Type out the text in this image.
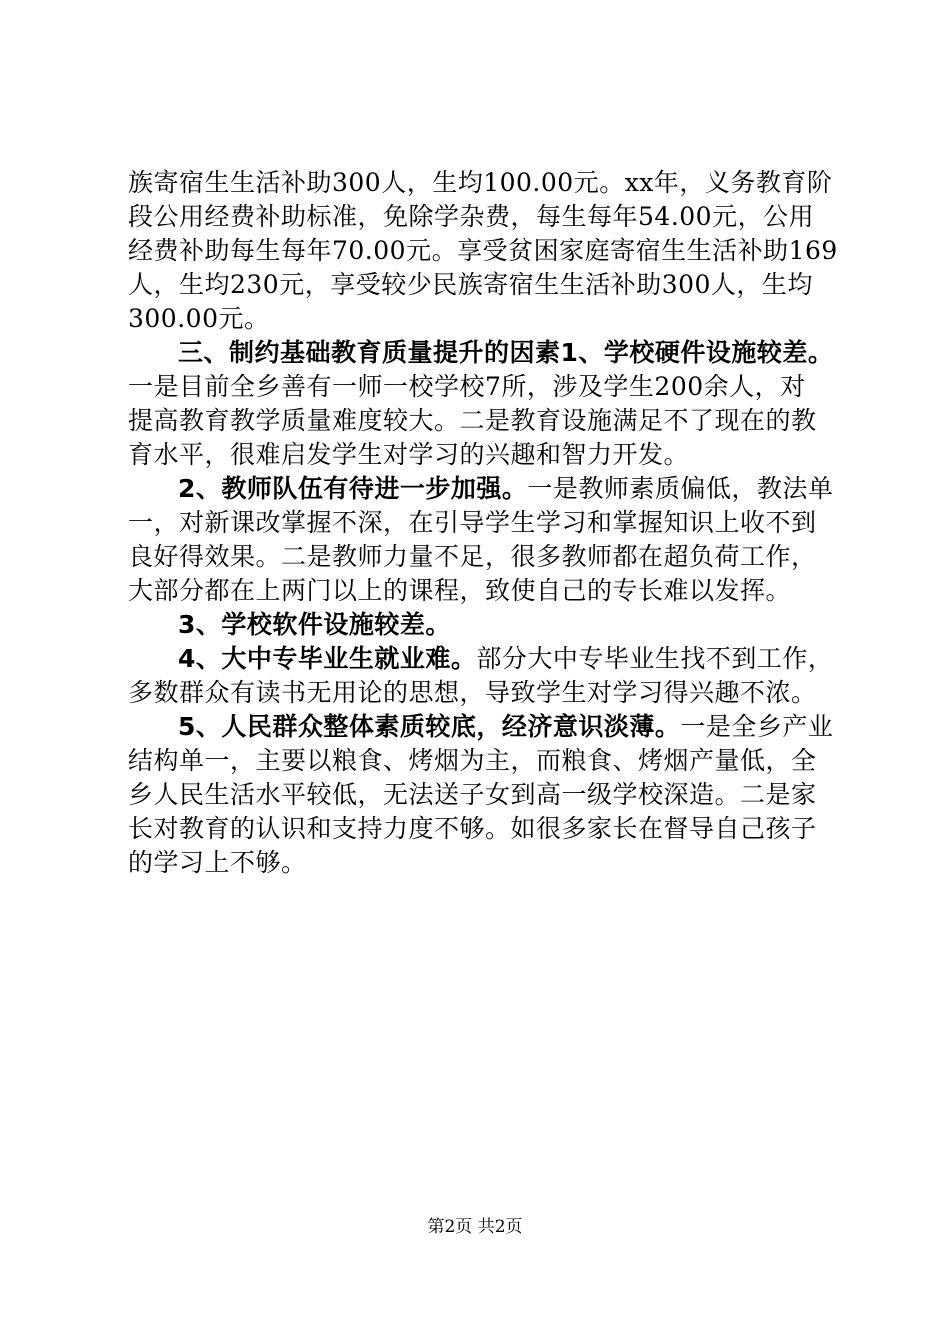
族寄宿生生活补助300人，生均100.00元。xx年，义务教育阶
段公用经费补助标准，免除学杂费，每生每年54.00元，公用
经费补助每生每年70.00元。享受贫困家庭寄宿生生活补助169
人，生均230元，享受较少民族寄宿生生活补助300人，生均
300.00元。
三、制约基础教育质量提升的因素1、学校硬件设施较差。
一是目前全乡善有一师一校学校7所，涉及学生200余人，对
提高教育教学质量难度较大。二是教育设施满足不了现在的教
育水平，很难启发学生对学习的兴趣和智力开发。
2、教师队伍有待进一步加强。一是教师素质偏低，教法单
一，对新课改掌握不深，在引导学生学习和掌握知识上收不到
良好得效果。二是教师力量不足，很多教师都在超负荷工作，
大部分都在上两门以上的课程，致使自己的专长难以发挥。
3、学校软件设施较差。
4、大中专毕业生就业难。部分大中专毕业生找不到工作，
多数群众有读书无用论的思想，导致学生对学习得兴趣不浓。
5、人民群众整体素质较底，经济意识淡薄。一是全乡产业
结构单一，主要以粮食、烤烟为主，而粮食、烤烟产量低，全
乡人民生活水平较低，无法送子女到高一级学校深造。二是家
长对教育的认识和支持力度不够。如很多家长在督导自己孩子
的学习上不够。
第2页 共2页
